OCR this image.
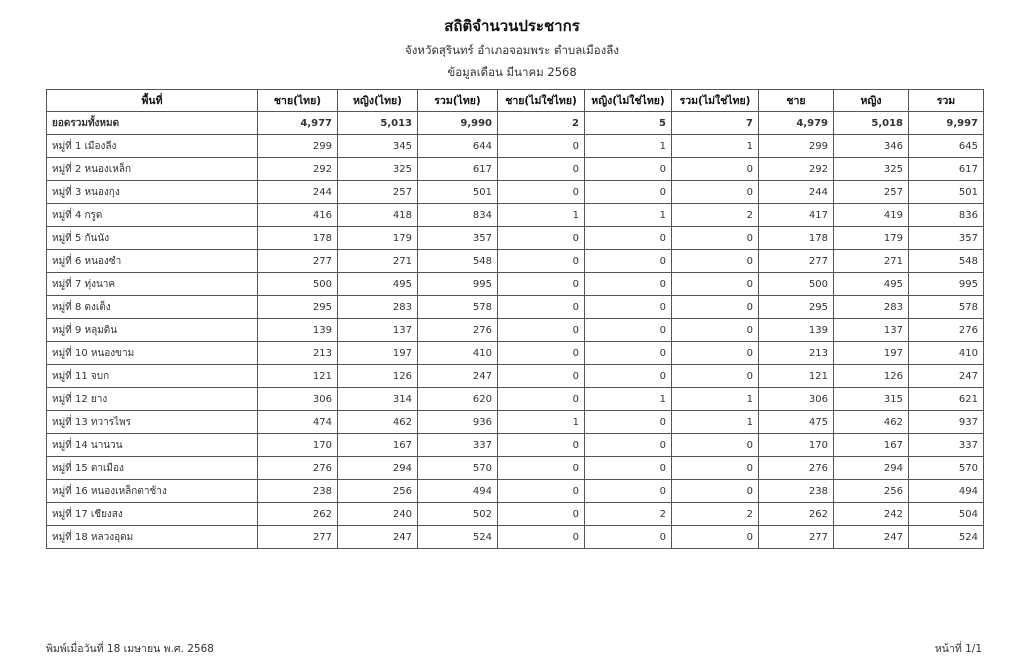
สถิติจำนวนประชากร
จังหวัดสุรินทร์ อำเภอจอมพระ ตำบลเมืองลีง
ข้อมูลเดือน มีนาคม 2568
พื้นที่	ชาย(ไทย)	หญิง(ไทย)	รวม(ไทย)	ชาย(ไม่ใช่ไทย)	หญิง(ไม่ใช่ไทย)	รวม(ไม่ใช่ไทย)	ชาย	หญิง	รวม
ยอดรวมทั้งหมด	4,977	5,013	9,990	2	5	7	4,979	5,018	9,997
หมู่ที่ 1 เมืองลีง	299	345	644	0	1	1	299	346	645
หมู่ที่ 2 หนองเหล็ก	292	325	617	0	0	0	292	325	617
หมู่ที่ 3 หนองกุง	244	257	501	0	0	0	244	257	501
หมู่ที่ 4 กรูด	416	418	834	1	1	2	417	419	836
หมู่ที่ 5 กันนัง	178	179	357	0	0	0	178	179	357
หมู่ที่ 6 หนองซำ	277	271	548	0	0	0	277	271	548
หมู่ที่ 7 ทุ่งนาค	500	495	995	0	0	0	500	495	995
หมู่ที่ 8 ดงเต็ง	295	283	578	0	0	0	295	283	578
หมู่ที่ 9 หลุมดิน	139	137	276	0	0	0	139	137	276
หมู่ที่ 10 หนองขาม	213	197	410	0	0	0	213	197	410
หมู่ที่ 11 จบก	121	126	247	0	0	0	121	126	247
หมู่ที่ 12 ยาง	306	314	620	0	1	1	306	315	621
หมู่ที่ 13 ทวารไพร	474	462	936	1	0	1	475	462	937
หมู่ที่ 14 นานวน	170	167	337	0	0	0	170	167	337
หมู่ที่ 15 ตาเมือง	276	294	570	0	0	0	276	294	570
หมู่ที่ 16 หนองเหล็กตาช้าง	238	256	494	0	0	0	238	256	494
หมู่ที่ 17 เชียงสง	262	240	502	0	2	2	262	242	504
หมู่ที่ 18 หลวงอุดม	277	247	524	0	0	0	277	247	524
พิมพ์เมื่อวันที่ 18 เมษายน พ.ศ. 2568	หน้าที่ 1/1
